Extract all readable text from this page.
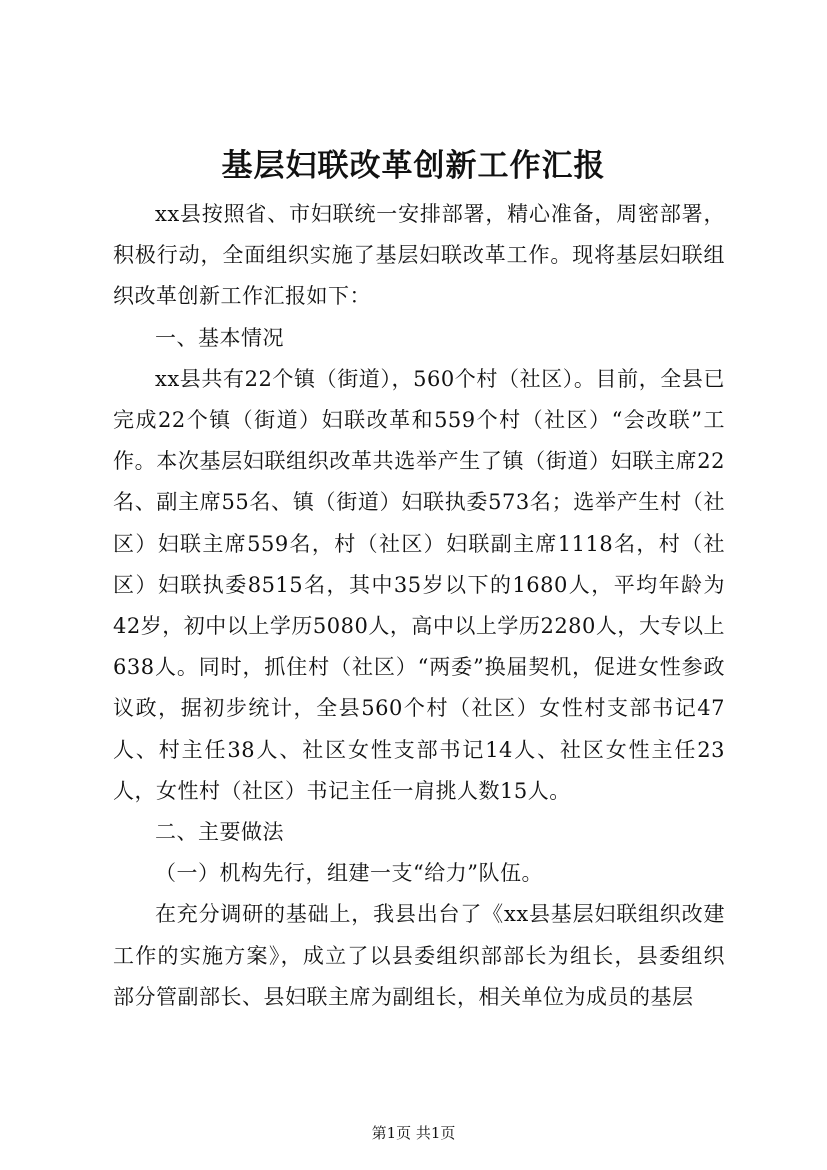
基层妇联改革创新工作汇报

xx县按照省、市妇联统一安排部署，精心准备，周密部署，积极行动，全面组织实施了基层妇联改革工作。现将基层妇联组织改革创新工作汇报如下：

一、基本情况

xx县共有22个镇（街道），560个村（社区）。目前，全县已完成22个镇（街道）妇联改革和559个村（社区）“会改联”工作。本次基层妇联组织改革共选举产生了镇（街道）妇联主席22名、副主席55名、镇（街道）妇联执委573名；选举产生村（社区）妇联主席559名，村（社区）妇联副主席1118名，村（社区）妇联执委8515名，其中35岁以下的1680人，平均年龄为42岁，初中以上学历5080人，高中以上学历2280人，大专以上638人。同时，抓住村（社区）“两委”换届契机，促进女性参政议政，据初步统计，全县560个村（社区）女性村支部书记47人、村主任38人、社区女性支部书记14人、社区女性主任23人，女性村（社区）书记主任一肩挑人数15人。

二、主要做法

（一）机构先行，组建一支“给力”队伍。

在充分调研的基础上，我县出台了《xx县基层妇联组织改建工作的实施方案》，成立了以县委组织部部长为组长，县委组织部分管副部长、县妇联主席为副组长，相关单位为成员的基层

第1页 共1页
